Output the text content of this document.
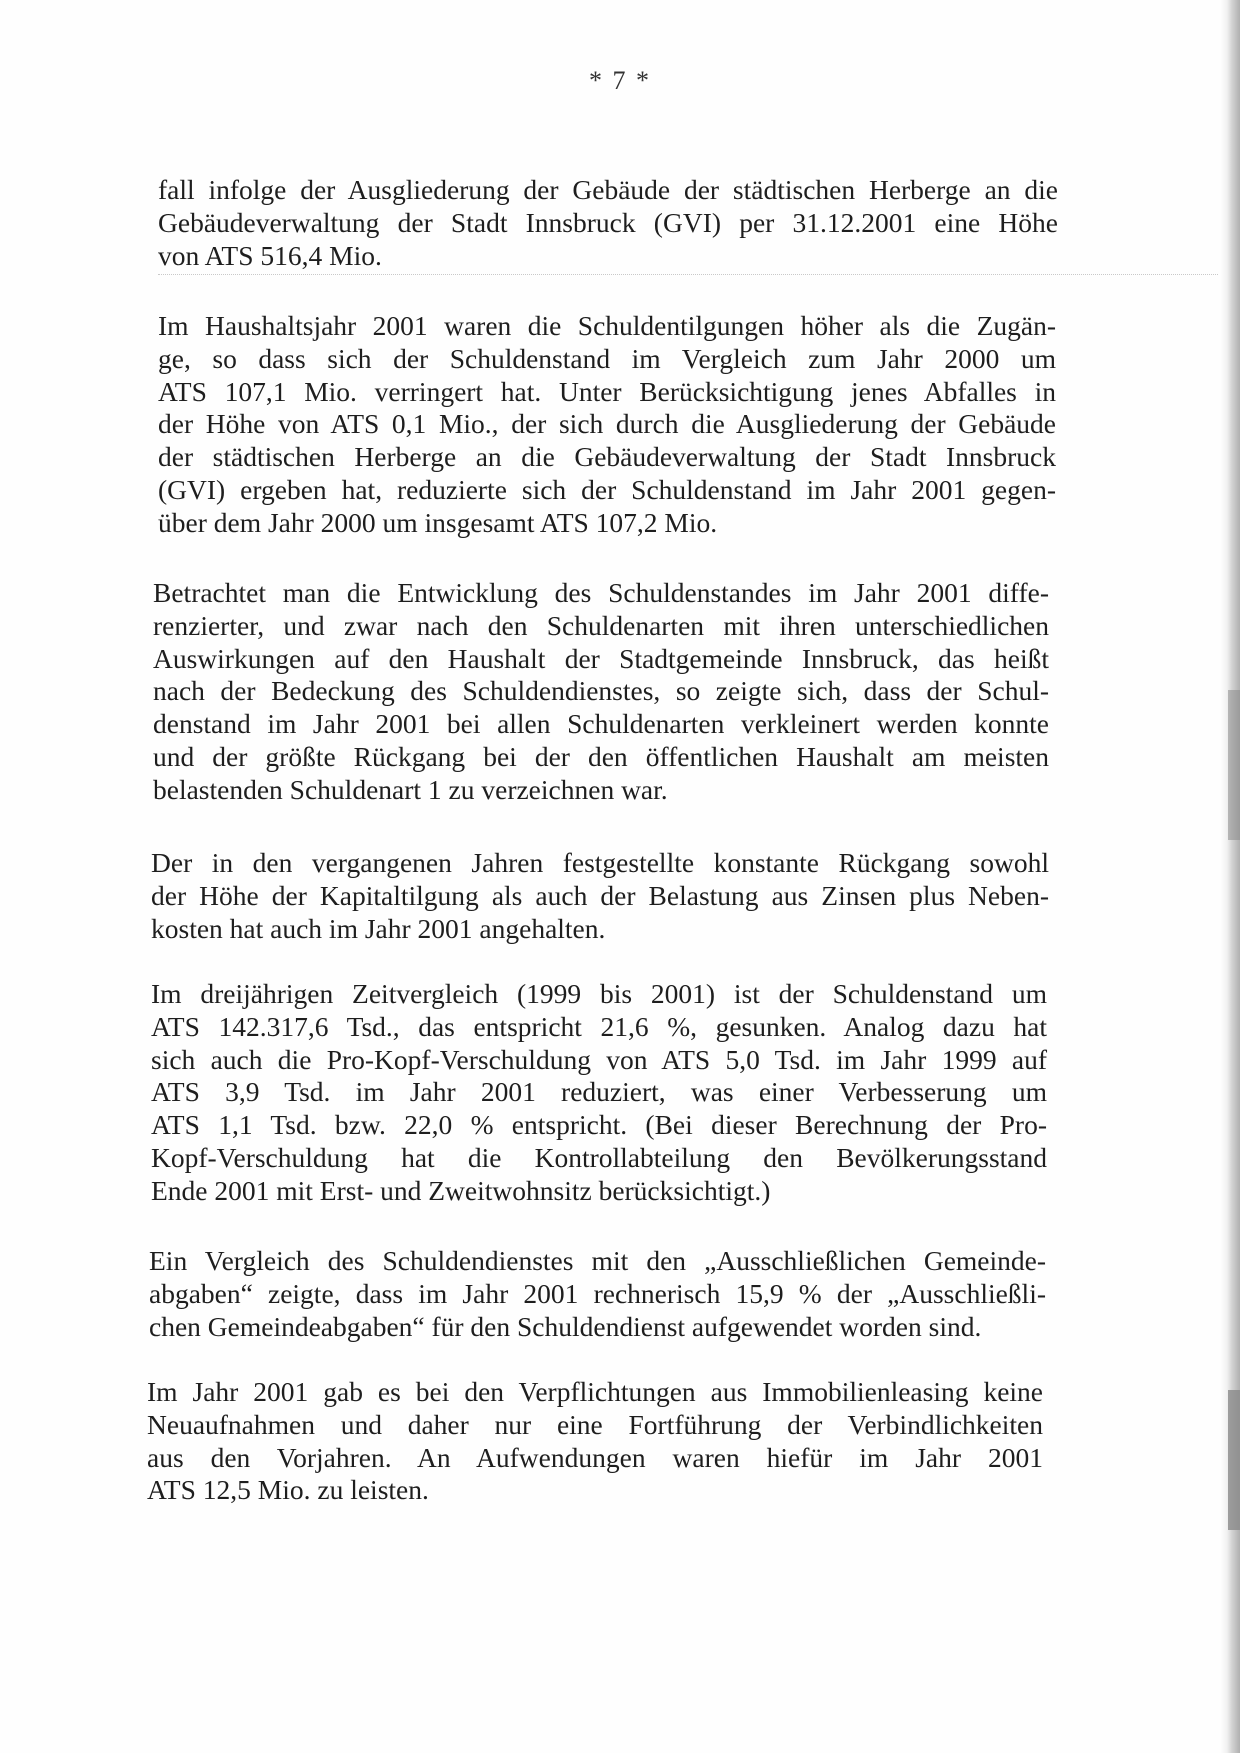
* 7 *
fall infolge der Ausgliederung der Gebäude der städtischen Herberge an die
Gebäudeverwaltung der Stadt Innsbruck (GVI) per 31.12.2001 eine Höhe
von ATS 516,4 Mio.
Im Haushaltsjahr 2001 waren die Schuldentilgungen höher als die Zugän-
ge, so dass sich der Schuldenstand im Vergleich zum Jahr 2000 um
ATS 107,1 Mio. verringert hat. Unter Berücksichtigung jenes Abfalles in
der Höhe von ATS 0,1 Mio., der sich durch die Ausgliederung der Gebäude
der städtischen Herberge an die Gebäudeverwaltung der Stadt Innsbruck
(GVI) ergeben hat, reduzierte sich der Schuldenstand im Jahr 2001 gegen-
über dem Jahr 2000 um insgesamt ATS 107,2 Mio.
Betrachtet man die Entwicklung des Schuldenstandes im Jahr 2001 diffe-
renzierter, und zwar nach den Schuldenarten mit ihren unterschiedlichen
Auswirkungen auf den Haushalt der Stadtgemeinde Innsbruck, das heißt
nach der Bedeckung des Schuldendienstes, so zeigte sich, dass der Schul-
denstand im Jahr 2001 bei allen Schuldenarten verkleinert werden konnte
und der größte Rückgang bei der den öffentlichen Haushalt am meisten
belastenden Schuldenart 1 zu verzeichnen war.
Der in den vergangenen Jahren festgestellte konstante Rückgang sowohl
der Höhe der Kapitaltilgung als auch der Belastung aus Zinsen plus Neben-
kosten hat auch im Jahr 2001 angehalten.
Im dreijährigen Zeitvergleich (1999 bis 2001) ist der Schuldenstand um
ATS 142.317,6 Tsd., das entspricht 21,6 %, gesunken. Analog dazu hat
sich auch die Pro-Kopf-Verschuldung von ATS 5,0 Tsd. im Jahr 1999 auf
ATS 3,9 Tsd. im Jahr 2001 reduziert, was einer Verbesserung um
ATS 1,1 Tsd. bzw. 22,0 % entspricht. (Bei dieser Berechnung der Pro-
Kopf-Verschuldung hat die Kontrollabteilung den Bevölkerungsstand
Ende 2001 mit Erst- und Zweitwohnsitz berücksichtigt.)
Ein Vergleich des Schuldendienstes mit den „Ausschließlichen Gemeinde-
abgaben“ zeigte, dass im Jahr 2001 rechnerisch 15,9 % der „Ausschließli-
chen Gemeindeabgaben“ für den Schuldendienst aufgewendet worden sind.
Im Jahr 2001 gab es bei den Verpflichtungen aus Immobilienleasing keine
Neuaufnahmen und daher nur eine Fortführung der Verbindlichkeiten
aus den Vorjahren. An Aufwendungen waren hiefür im Jahr 2001
ATS 12,5 Mio. zu leisten.
